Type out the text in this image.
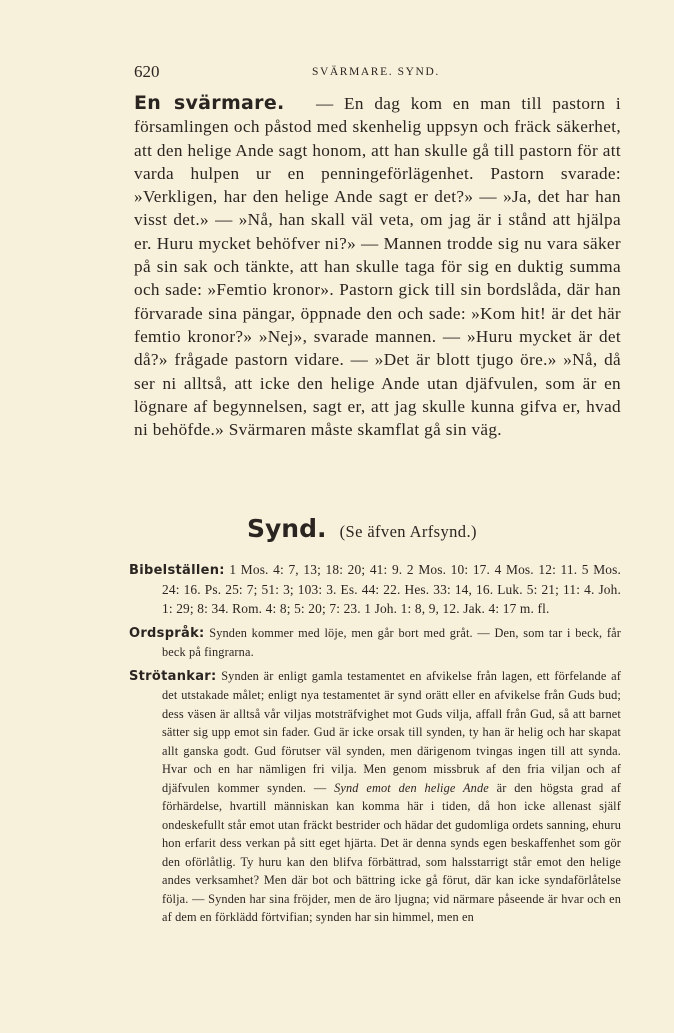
620	SVÄRMARE. SYND.

En svärmare. — En dag kom en man till pastorn i församlingen och påstod med skenhelig uppsyn och fräck säkerhet, att den helige Ande sagt honom, att han skulle gå till pastorn för att varda hulpen ur en penningeförlägenhet. Pastorn svarade: »Verkligen, har den helige Ande sagt er det?» — »Ja, det har han visst det.» — »Nå, han skall väl veta, om jag är i stånd att hjälpa er. Huru mycket behöfver ni?» — Mannen trodde sig nu vara säker på sin sak och tänkte, att han skulle taga för sig en duktig summa och sade: »Femtio kronor». Pastorn gick till sin bordslåda, där han förvarade sina pängar, öppnade den och sade: »Kom hit! är det här femtio kronor?» »Nej», svarade mannen. — »Huru mycket är det då?» frågade pastorn vidare. — »Det är blott tjugo öre.» »Nå, då ser ni alltså, att icke den helige Ande utan djäfvulen, som är en lögnare af begynnelsen, sagt er, att jag skulle kunna gifva er, hvad ni behöfde.» Svärmaren måste skamflat gå sin väg.

Synd. (Se äfven Arfsynd.)

Bibelställen: 1 Mos. 4: 7, 13; 18: 20; 41: 9. 2 Mos. 10: 17. 4 Mos. 12: 11. 5 Mos. 24: 16. Ps. 25: 7; 51: 3; 103: 3. Es. 44: 22. Hes. 33: 14, 16. Luk. 5: 21; 11: 4. Joh. 1: 29; 8: 34. Rom. 4: 8; 5: 20; 7: 23. 1 Joh. 1: 8, 9, 12. Jak. 4: 17 m. fl.

Ordspråk: Synden kommer med löje, men går bort med gråt. — Den, som tar i beck, får beck på fingrarna.

Strötankar: Synden är enligt gamla testamentet en afvikelse från lagen, ett förfelande af det utstakade målet; enligt nya testamentet är synd orätt eller en afvikelse från Guds bud; dess väsen är alltså vår viljas motsträfvighet mot Guds vilja, affall från Gud, så att barnet sätter sig upp emot sin fader. Gud är icke orsak till synden, ty han är helig och har skapat allt ganska godt. Gud förutser väl synden, men därigenom tvingas ingen till att synda. Hvar och en har nämligen fri vilja. Men genom missbruk af den fria viljan och af djäfvulen kommer synden. — Synd emot den helige Ande är den högsta grad af förhärdelse, hvartill människan kan komma här i tiden, då hon icke allenast själf ondeskefullt står emot utan fräckt bestrider och hädar det gudomliga ordets sanning, ehuru hon erfarit dess verkan på sitt eget hjärta. Det är denna synds egen beskaffenhet som gör den oförlåtlig. Ty huru kan den blifva förbättrad, som halsstarrigt står emot den helige andes verksamhet? Men där bot och bättring icke gå förut, där kan icke syndaförlåtelse följa. — Synden har sina fröjder, men de äro ljugna; vid närmare påseende är hvar och en af dem en förklädd förtvifian; synden har sin himmel, men en
